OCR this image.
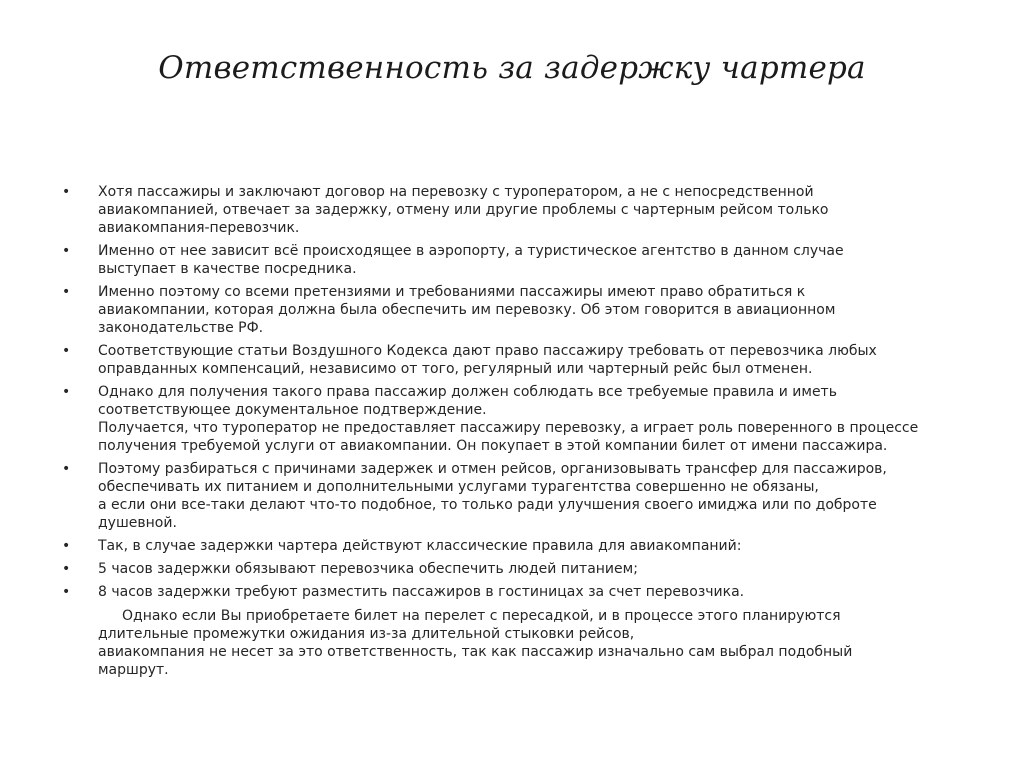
Ответственность за задержку чартера
•	Хотя пассажиры и заключают договор на перевозку с туроператором, а не с непосредственной
авиакомпанией, отвечает за задержку, отмену или другие проблемы с чартерным рейсом только
авиакомпания-перевозчик.
•	Именно от нее зависит всё происходящее в аэропорту, а туристическое агентство в данном случае
выступает в качестве посредника.
•	Именно поэтому со всеми претензиями и требованиями пассажиры имеют право обратиться к
авиакомпании, которая должна была обеспечить им перевозку. Об этом говорится в авиационном
законодательстве РФ.
•	Соответствующие статьи Воздушного Кодекса дают право пассажиру требовать от перевозчика любых
оправданных компенсаций, независимо от того, регулярный или чартерный рейс был отменен.
•	Однако для получения такого права пассажир должен соблюдать все требуемые правила и иметь
соответствующее документальное подтверждение.
Получается, что туроператор не предоставляет пассажиру перевозку, а играет роль поверенного в процессе
получения требуемой услуги от авиакомпании. Он покупает в этой компании билет от имени пассажира.
•	Поэтому разбираться с причинами задержек и отмен рейсов, организовывать трансфер для пассажиров,
обеспечивать их питанием и дополнительными услугами турагентства совершенно не обязаны,
а если они все-таки делают что-то подобное, то только ради улучшения своего имиджа или по доброте
душевной.
•	Так, в случае задержки чартера действуют классические правила для авиакомпаний:
•	5 часов задержки обязывают перевозчика обеспечить людей питанием;
•	8 часов задержки требуют разместить пассажиров в гостиницах за счет перевозчика.
Однако если Вы приобретаете билет на перелет с пересадкой, и в процессе этого планируются
длительные промежутки ожидания из-за длительной стыковки рейсов,
авиакомпания не несет за это ответственность, так как пассажир изначально сам выбрал подобный
маршрут.
